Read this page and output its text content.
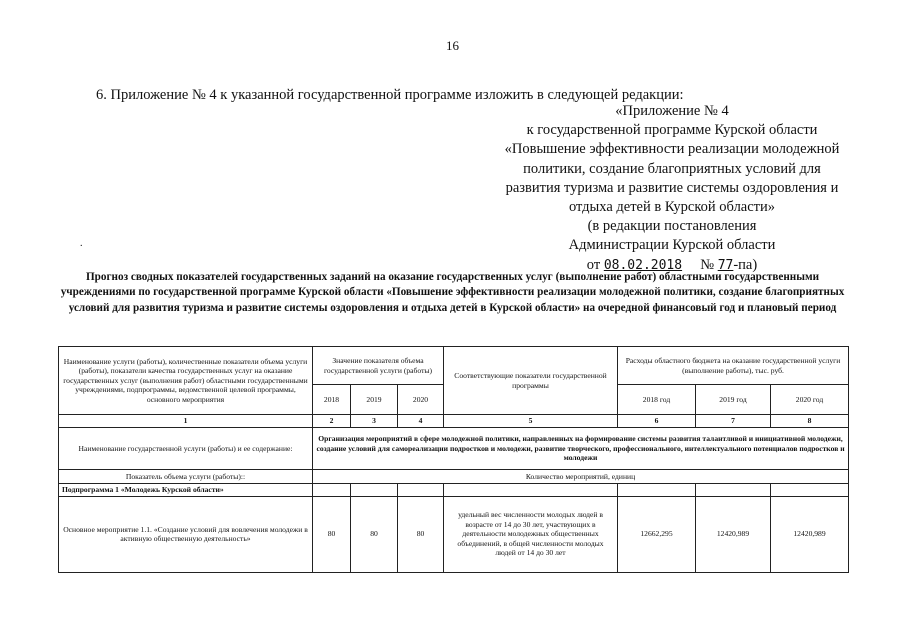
16
6. Приложение № 4 к указанной государственной программе изложить в следующей редакции:
«Приложение № 4
к государственной программе Курской области
«Повышение эффективности реализации молодежной
политики, создание благоприятных условий для
развития туризма и развитие системы оздоровления и
отдыха детей в Курской области»
(в редакции постановления
Администрации Курской области
от 08.02.2018 № 77-па)
.
Прогноз сводных показателей государственных заданий на оказание государственных услуг (выполнение работ) областными государственными учреждениями по государственной программе Курской области «Повышение эффективности реализации молодежной политики, создание благоприятных условий для развития туризма и развитие системы оздоровления и отдыха детей в Курской области» на очередной финансовый год и плановый период
Наименование услуги (работы), количественные показатели объема услуги (работы), показатели качества государственных услуг на оказание государственных услуг (выполнения работ) областными государственными учреждениями, подпрограммы, ведомственной целевой программы, основного мероприятия	Значение показателя объема государственной услуги (работы)			Соответствующие показатели государственной программы	Расходы областного бюджета на оказание государственной услуги (выполнение работы), тыс. руб.		
	2018	2019	2020		2018 год	2019 год	2020 год
1	2	3	4	5	6	7	8
Наименование государственной услуги (работы) и ее содержание:	Организация мероприятий в сфере молодежной политики, направленных на формирование системы развития талантливой и инициативной молодежи, создание условий для самореализации подростков и молодежи, развитие творческого, профессионального, интеллектуального потенциалов подростков и молодежи						
Показатель объема услуги (работы)::	Количество мероприятий, единиц						
Подпрограмма 1 «Молодежь Курской области»							
Основное мероприятие 1.1. «Создание условий для вовлечения молодежи в активную общественную деятельность»	80	80	80	удельный вес численности молодых людей в возрасте от 14 до 30 лет, участвующих в деятельности молодежных общественных объединений, в общей численности молодых людей от 14 до 30 лет	12662,295	12420,989	12420,989
